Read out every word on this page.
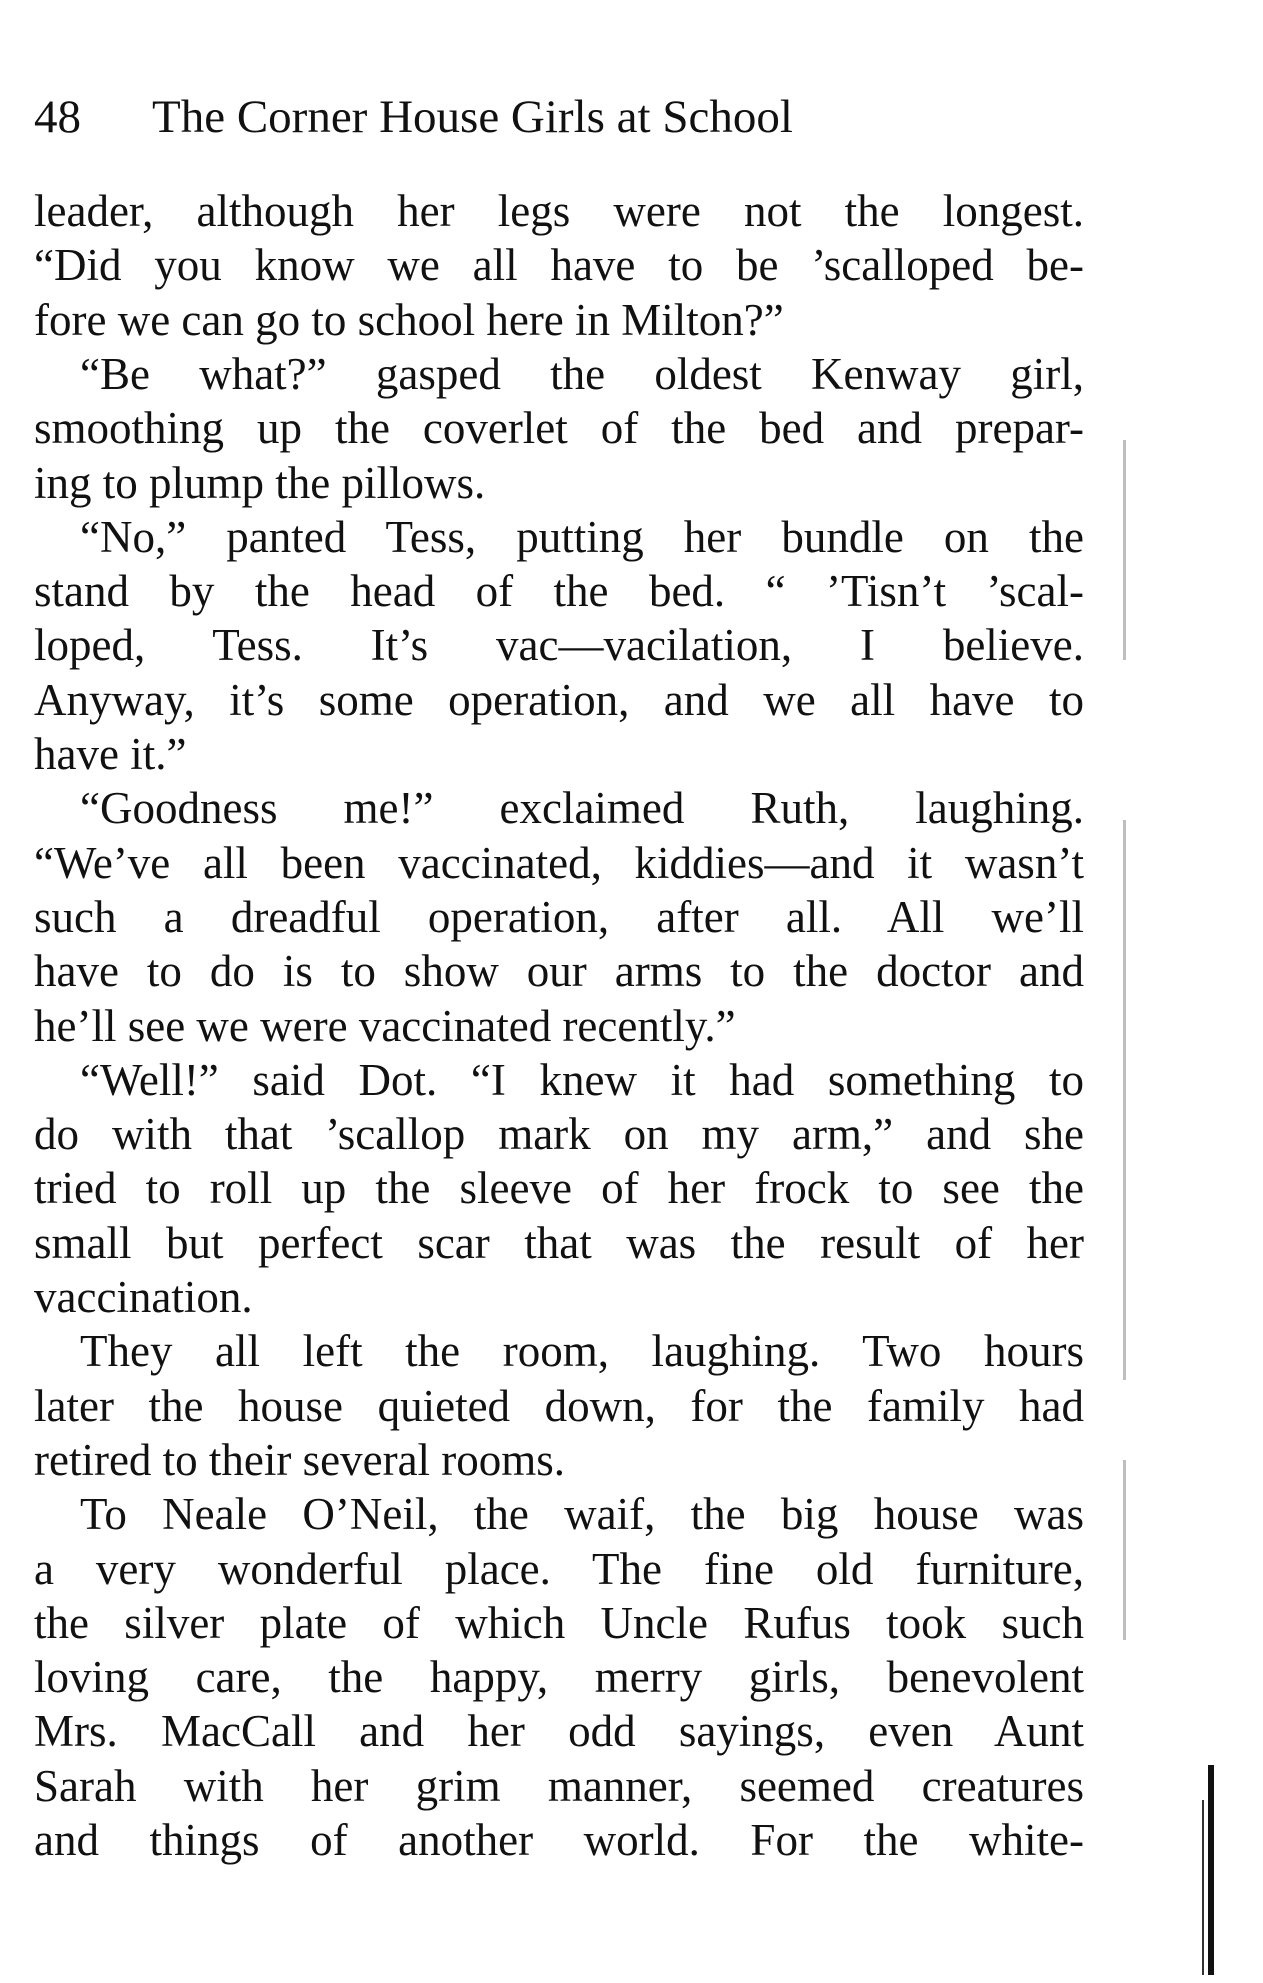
48 The Corner House Girls at School
leader, although her legs were not the longest.
“Did you know we all have to be ’scalloped be-
fore we can go to school here in Milton?”
“Be what?” gasped the oldest Kenway girl,
smoothing up the coverlet of the bed and prepar-
ing to plump the pillows.
“No,” panted Tess, putting her bundle on the
stand by the head of the bed. “ ’Tisn’t ’scal-
loped, Tess. It’s vac—vacilation, I believe.
Anyway, it’s some operation, and we all have to
have it.”
“Goodness me!” exclaimed Ruth, laughing.
“We’ve all been vaccinated, kiddies—and it wasn’t
such a dreadful operation, after all. All we’ll
have to do is to show our arms to the doctor and
he’ll see we were vaccinated recently.”
“Well!” said Dot. “I knew it had something to
do with that ’scallop mark on my arm,” and she
tried to roll up the sleeve of her frock to see the
small but perfect scar that was the result of her
vaccination.
They all left the room, laughing. Two hours
later the house quieted down, for the family had
retired to their several rooms.
To Neale O’Neil, the waif, the big house was
a very wonderful place. The fine old furniture,
the silver plate of which Uncle Rufus took such
loving care, the happy, merry girls, benevolent
Mrs. MacCall and her odd sayings, even Aunt
Sarah with her grim manner, seemed creatures
and things of another world. For the white-
